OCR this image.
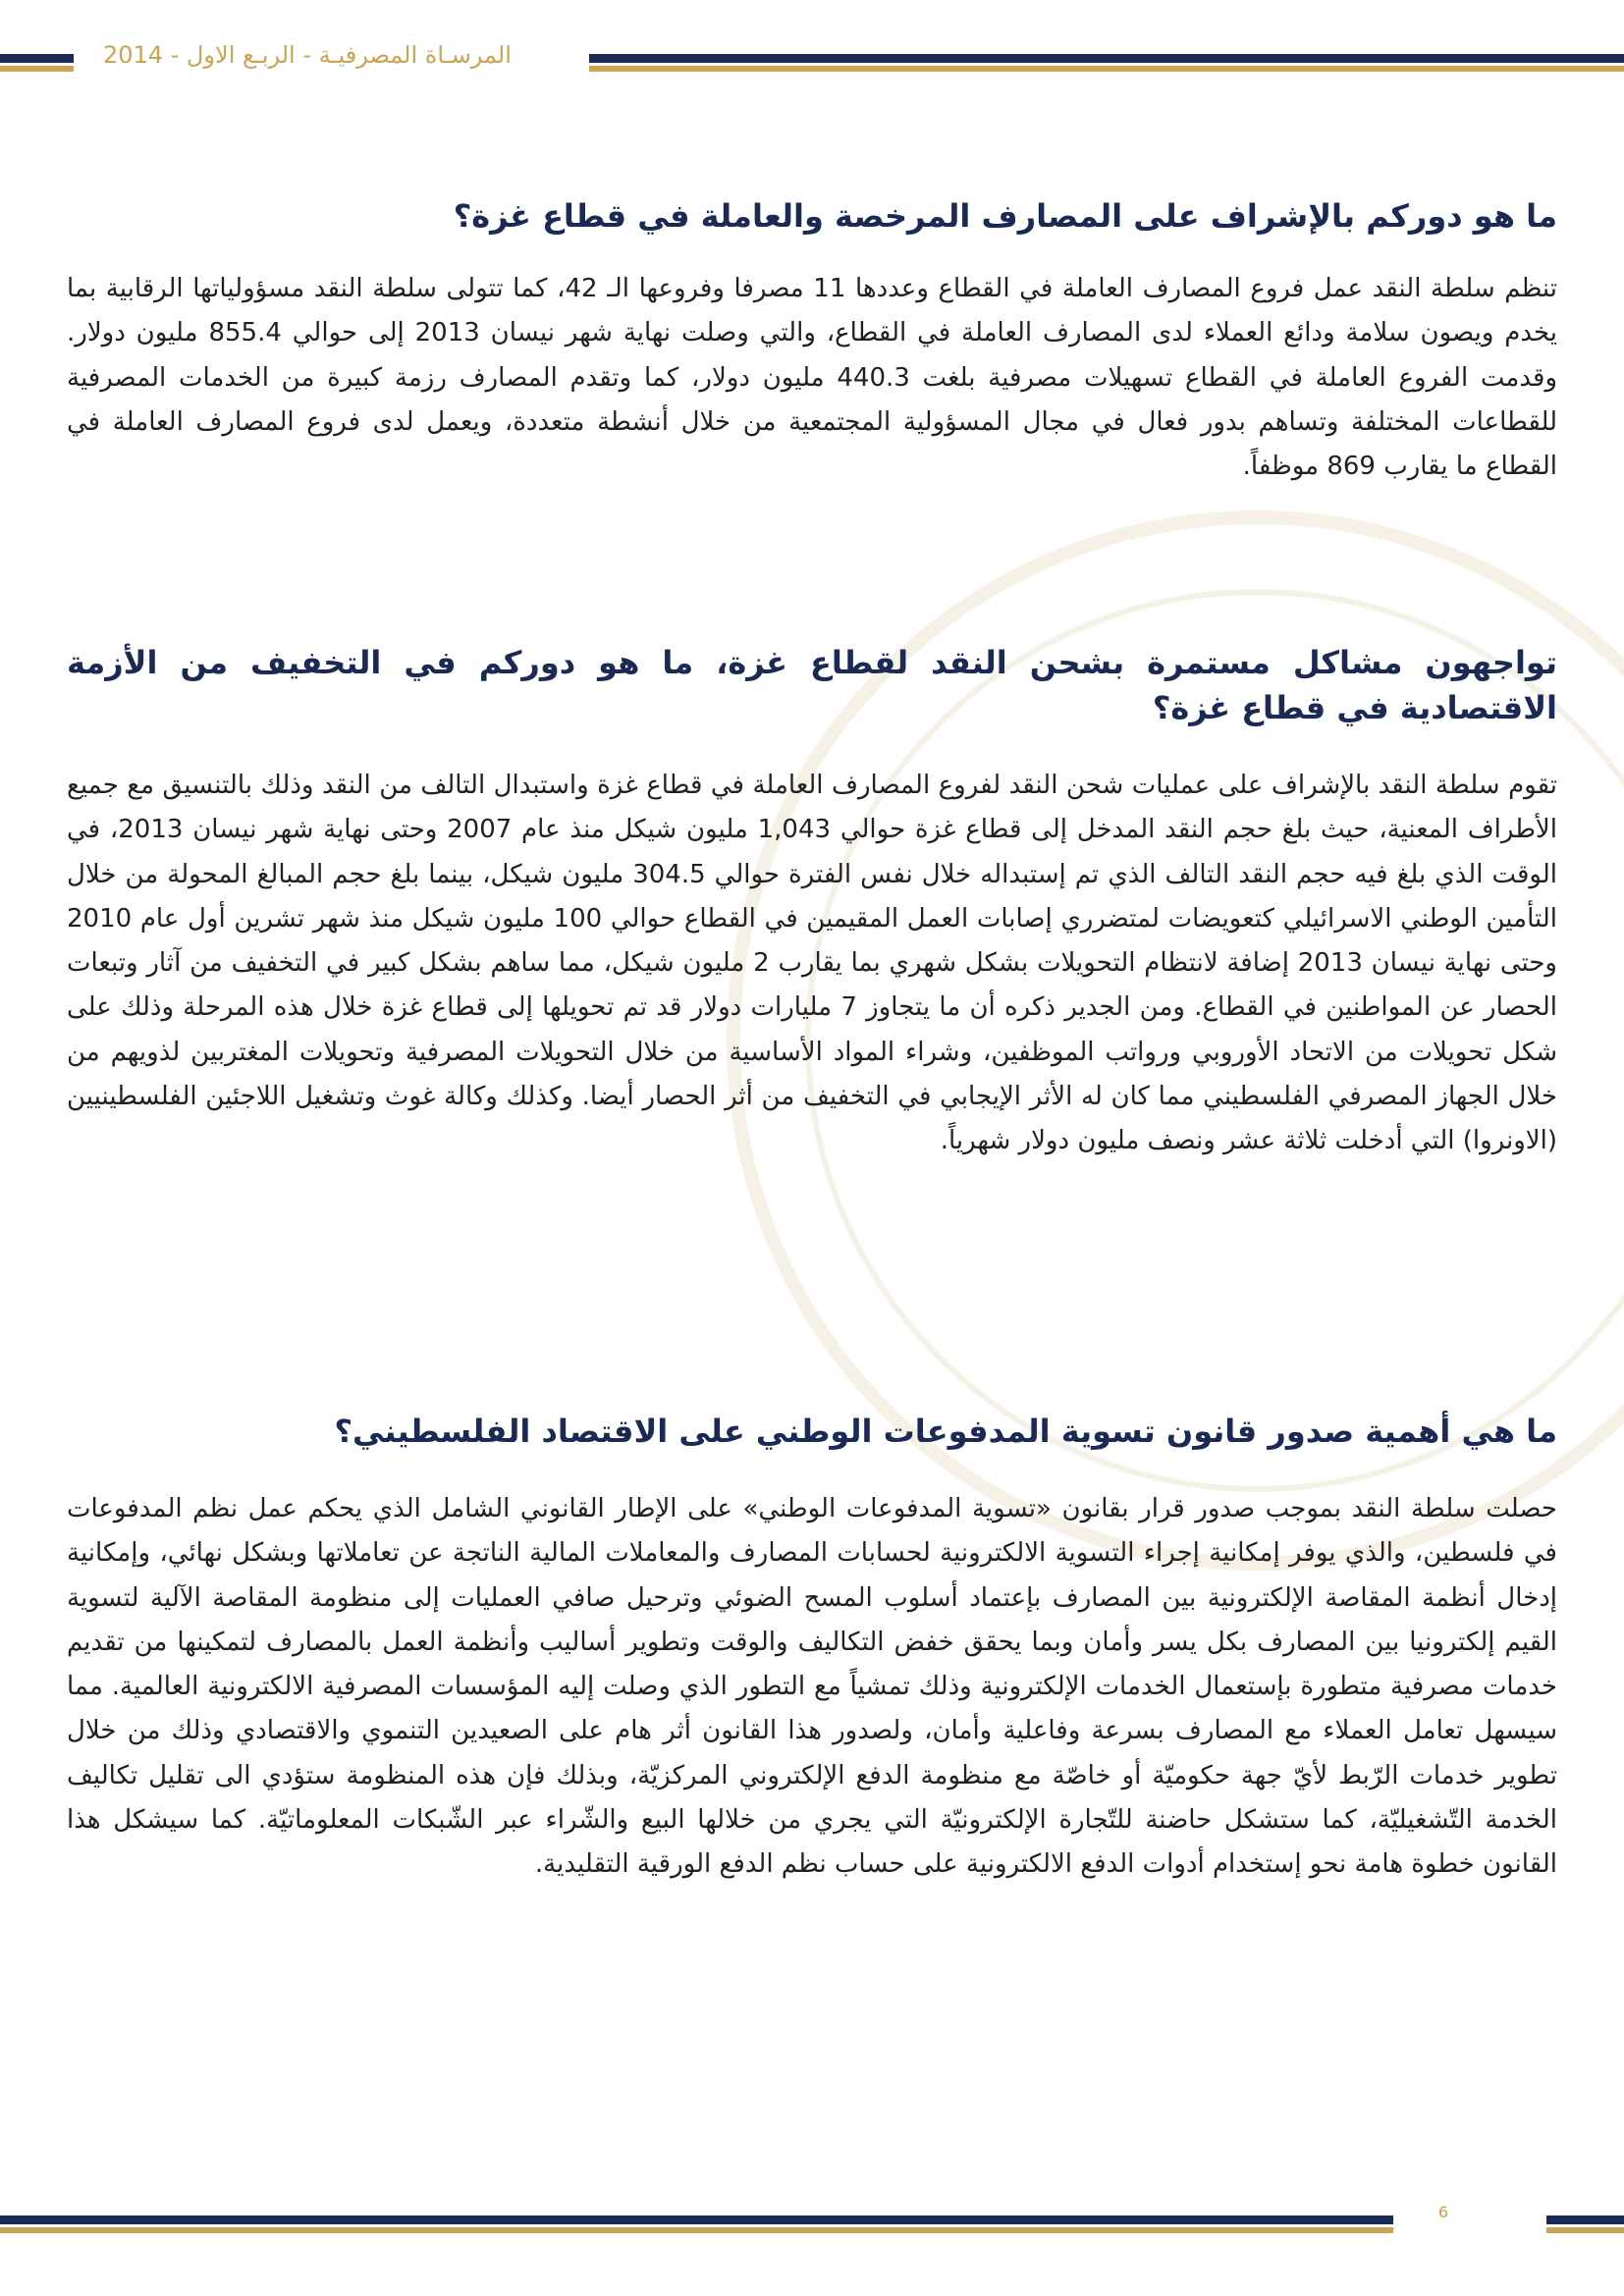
المرسـاة المصرفيـة - الربـع الاول - 2014
ما هو دوركم بالإشراف على المصارف المرخصة والعاملة في قطاع غزة؟

تنظم سلطة النقد عمل فروع المصارف العاملة في القطاع وعددها 11 مصرفا وفروعها الـ 42، كما تتولى سلطة النقد مسؤولياتها الرقابية بما يخدم ويصون سلامة ودائع العملاء لدى المصارف العاملة في القطاع، والتي وصلت نهاية شهر نيسان 2013 إلى حوالي 855.4 مليون دولار. وقدمت الفروع العاملة في القطاع تسهيلات مصرفية بلغت 440.3 مليون دولار، كما وتقدم المصارف رزمة كبيرة من الخدمات المصرفية للقطاعات المختلفة وتساهم بدور فعال في مجال المسؤولية المجتمعية من خلال أنشطة متعددة، ويعمل لدى فروع المصارف العاملة في القطاع ما يقارب 869 موظفاً.

تواجهون مشاكل مستمرة بشحن النقد لقطاع غزة، ما هو دوركم في التخفيف من الأزمة الاقتصادية في قطاع غزة؟

تقوم سلطة النقد بالإشراف على عمليات شحن النقد لفروع المصارف العاملة في قطاع غزة واستبدال التالف من النقد وذلك بالتنسيق مع جميع الأطراف المعنية، حيث بلغ حجم النقد المدخل إلى قطاع غزة حوالي 1,043 مليون شيكل منذ عام 2007 وحتى نهاية شهر نيسان 2013، في الوقت الذي بلغ فيه حجم النقد التالف الذي تم إستبداله خلال نفس الفترة حوالي 304.5 مليون شيكل، بينما بلغ حجم المبالغ المحولة من خلال التأمين الوطني الاسرائيلي كتعويضات لمتضرري إصابات العمل المقيمين في القطاع حوالي 100 مليون شيكل منذ شهر تشرين أول عام 2010 وحتى نهاية نيسان 2013 إضافة لانتظام التحويلات بشكل شهري بما يقارب 2 مليون شيكل، مما ساهم بشكل كبير في التخفيف من آثار وتبعات الحصار عن المواطنين في القطاع. ومن الجدير ذكره أن ما يتجاوز 7 مليارات دولار قد تم تحويلها إلى قطاع غزة خلال هذه المرحلة وذلك على شكل تحويلات من الاتحاد الأوروبي ورواتب الموظفين، وشراء المواد الأساسية من خلال التحويلات المصرفية وتحويلات المغتربين لذويهم من خلال الجهاز المصرفي الفلسطيني مما كان له الأثر الإيجابي في التخفيف من أثر الحصار أيضا. وكذلك وكالة غوث وتشغيل اللاجئين الفلسطينيين (الاونروا) التي أدخلت ثلاثة عشر ونصف مليون دولار شهرياً.

ما هي أهمية صدور قانون تسوية المدفوعات الوطني على الاقتصاد الفلسطيني؟

حصلت سلطة النقد بموجب صدور قرار بقانون «تسوية المدفوعات الوطني» على الإطار القانوني الشامل الذي يحكم عمل نظم المدفوعات في فلسطين، والذي يوفر إمكانية إجراء التسوية الالكترونية لحسابات المصارف والمعاملات المالية الناتجة عن تعاملاتها وبشكل نهائي، وإمكانية إدخال أنظمة المقاصة الإلكترونية بين المصارف بإعتماد أسلوب المسح الضوئي وترحيل صافي العمليات إلى منظومة المقاصة الآلية لتسوية القيم إلكترونيا بين المصارف بكل يسر وأمان وبما يحقق خفض التكاليف والوقت وتطوير أساليب وأنظمة العمل بالمصارف لتمكينها من تقديم خدمات مصرفية متطورة بإستعمال الخدمات الإلكترونية وذلك تمشياً مع التطور الذي وصلت إليه المؤسسات المصرفية الالكترونية العالمية. مما سيسهل تعامل العملاء مع المصارف بسرعة وفاعلية وأمان، ولصدور هذا القانون أثر هام على الصعيدين التنموي والاقتصادي وذلك من خلال تطوير خدمات الرّبط لأيّ جهة حكوميّة أو خاصّة مع منظومة الدفع الإلكتروني المركزيّة، وبذلك فإن هذه المنظومة ستؤدي الى تقليل تكاليف الخدمة التّشغيليّة، كما ستشكل حاضنة للتّجارة الإلكترونيّة التي يجري من خلالها البيع والشّراء عبر الشّبكات المعلوماتيّة. كما سيشكل هذا القانون خطوة هامة نحو إستخدام أدوات الدفع الالكترونية على حساب نظم الدفع الورقية التقليدية.

6
